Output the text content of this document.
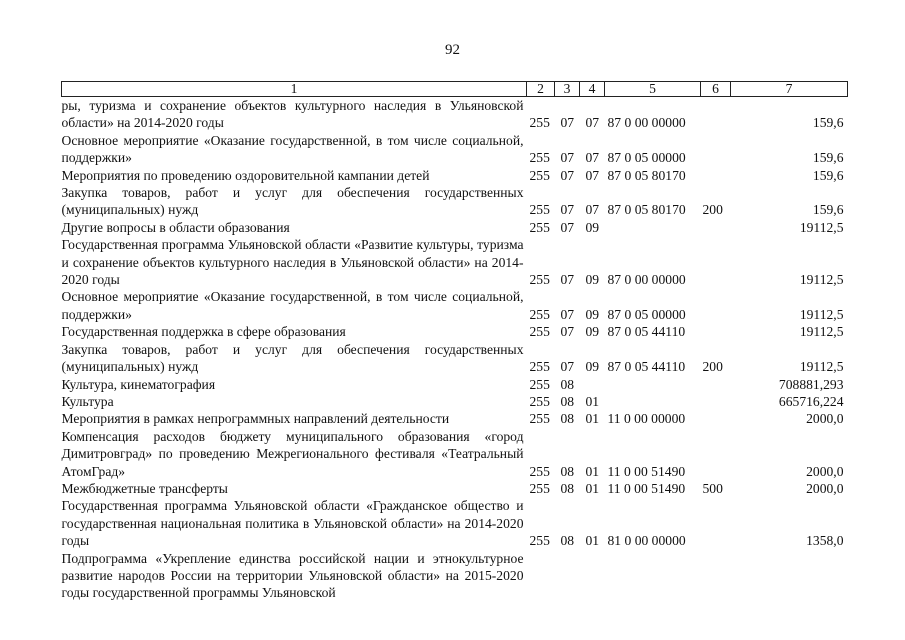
92
1	2	3	4	5	6	7
ры, туризма и сохранение объектов культурного наследия в Ульяновской области» на 2014-2020 годы	255	07	07	87 0 00 00000		159,6
Основное мероприятие «Оказание государственной, в том числе социальной, поддержки»	255	07	07	87 0 05 00000		159,6
Мероприятия по проведению оздоровительной кампании детей	255	07	07	87 0 05 80170		159,6
Закупка товаров, работ и услуг для обеспечения государственных (муниципальных) нужд	255	07	07	87 0 05 80170	200	159,6
Другие вопросы в области образования	255	07	09			19112,5
Государственная программа Ульяновской области «Развитие культуры, туризма и сохранение объектов культурного наследия в Ульяновской области» на 2014-2020 годы	255	07	09	87 0 00 00000		19112,5
Основное мероприятие «Оказание государственной, в том числе социальной, поддержки»	255	07	09	87 0 05 00000		19112,5
Государственная поддержка в сфере образования	255	07	09	87 0 05 44110		19112,5
Закупка товаров, работ и услуг для обеспечения государственных (муниципальных) нужд	255	07	09	87 0 05 44110	200	19112,5
Культура, кинематография	255	08				708881,293
Культура	255	08	01			665716,224
Мероприятия в рамках непрограммных направлений деятельности	255	08	01	11 0 00 00000		2000,0
Компенсация расходов бюджету муниципального образования «город Димитровград» по проведению Межрегионального фестиваля «Театральный АтомГрад»	255	08	01	11 0 00 51490		2000,0
Межбюджетные трансферты	255	08	01	11 0 00 51490	500	2000,0
Государственная программа Ульяновской области «Гражданское общество и государственная национальная политика в Ульяновской области» на 2014-2020 годы	255	08	01	81 0 00 00000		1358,0
Подпрограмма «Укрепление единства российской нации и этнокультурное развитие народов России на территории Ульяновской области» на 2015-2020 годы государственной программы Ульяновской						
